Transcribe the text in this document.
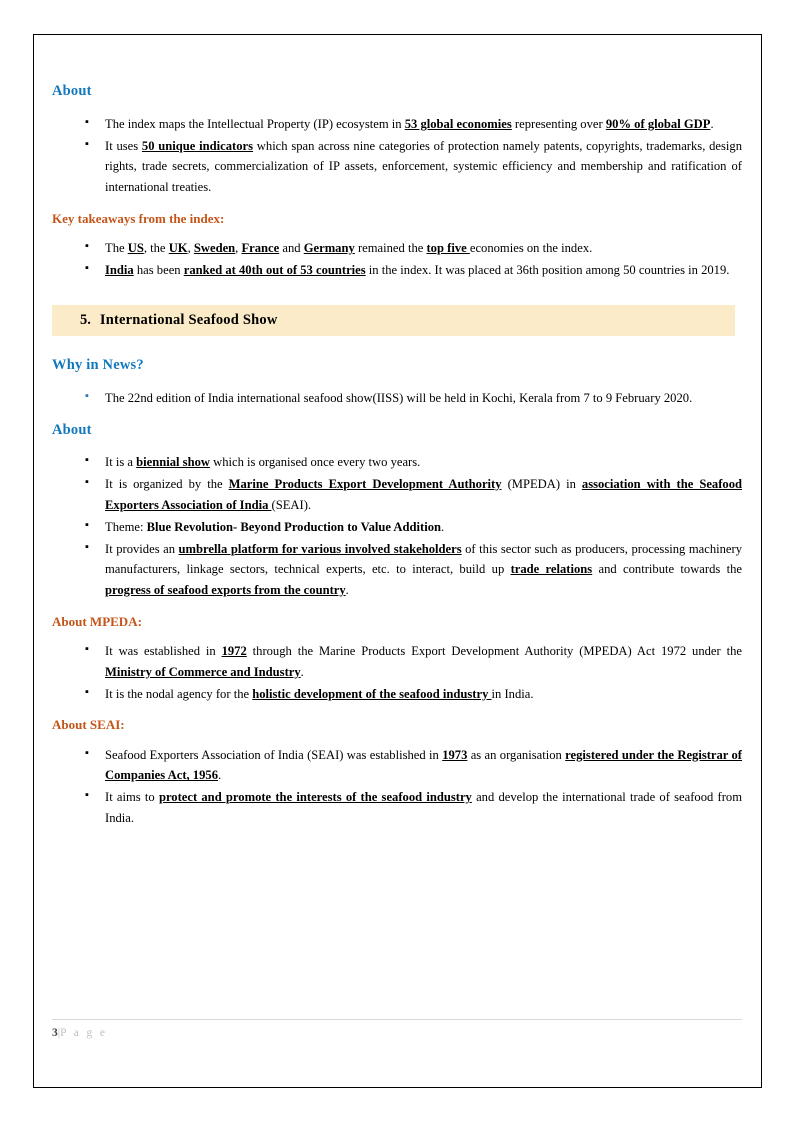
About
▪ The index maps the Intellectual Property (IP) ecosystem in 53 global economies representing over 90% of global GDP.
▪ It uses 50 unique indicators which span across nine categories of protection namely patents, copyrights, trademarks, design rights, trade secrets, commercialization of IP assets, enforcement, systemic efficiency and membership and ratification of international treaties.
Key takeaways from the index:
▪ The US, the UK, Sweden, France and Germany remained the top five economies on the index.
▪ India has been ranked at 40th out of 53 countries in the index. It was placed at 36th position among 50 countries in 2019.
5. International Seafood Show
Why in News?
▪ The 22nd edition of India international seafood show(IISS) will be held in Kochi, Kerala from 7 to 9 February 2020.
About
▪ It is a biennial show which is organised once every two years.
▪ It is organized by the Marine Products Export Development Authority (MPEDA) in association with the Seafood Exporters Association of India (SEAI).
▪ Theme: Blue Revolution- Beyond Production to Value Addition.
▪ It provides an umbrella platform for various involved stakeholders of this sector such as producers, processing machinery manufacturers, linkage sectors, technical experts, etc. to interact, build up trade relations and contribute towards the progress of seafood exports from the country.
About MPEDA:
▪ It was established in 1972 through the Marine Products Export Development Authority (MPEDA) Act 1972 under the Ministry of Commerce and Industry.
▪ It is the nodal agency for the holistic development of the seafood industry in India.
About SEAI:
▪ Seafood Exporters Association of India (SEAI) was established in 1973 as an organisation registered under the Registrar of Companies Act, 1956.
▪ It aims to protect and promote the interests of the seafood industry and develop the international trade of seafood from India.
3|P a g e
